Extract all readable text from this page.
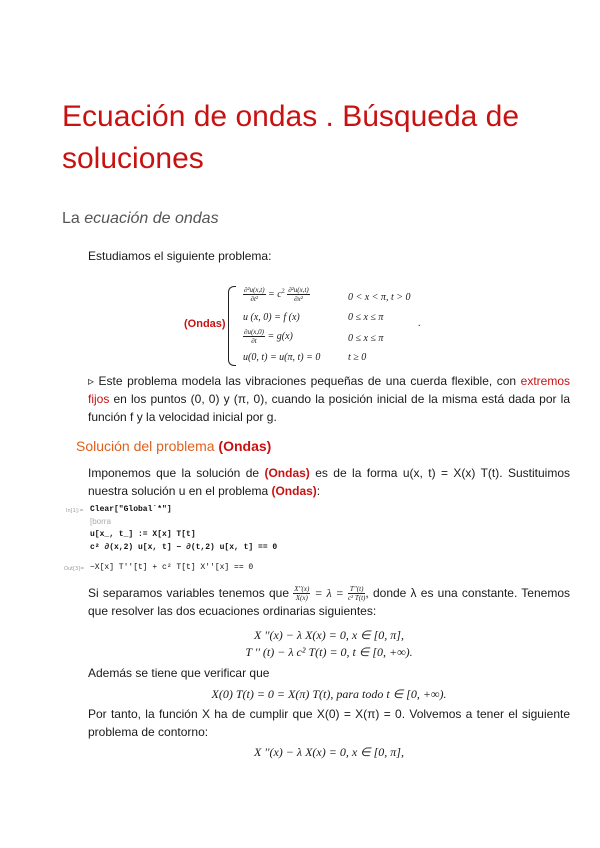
Ecuación de ondas . Búsqueda de soluciones
La ecuación de ondas
Estudiamos el siguiente problema:
(Ondas)
$\frac{\text{∂²u(x,t)}}{\text{∂t²}} = c^2 \frac{\text{∂²u(x,t)}}{\text{∂x²}}$	0 < x < π, t > 0
u (x, 0) = f (x)	0 ≤ x ≤ π
$\frac{\partial u(x,0)}{\partial t} = g(x)$	0 ≤ x ≤ π
u(0, t) = u(π, t) = 0	t ≥ 0
.
▹ Este problema modela las vibraciones pequeñas de una cuerda flexible, con extremos fijos en los puntos (0, 0) y (π, 0), cuando la posición inicial de la misma está dada por la función f y la velocidad inicial por g.
Solución del problema (Ondas)
Imponemos que la solución de (Ondas) es de la forma u(x, t) = X(x) T(t). Sustituimos nuestra solución u en el problema (Ondas):
In[1]:= Clear["Global`*"]
[borra
u[x_, t_] := X[x] T[t]
c² ∂(x,2) u[x, t] − ∂(t,2) u[x, t] == 0
Out[3]= −X[x] T''[t] + c² T[t] X''[x] == 0
Si separamos variables tenemos que $\frac{X''(x)}{X(x)} = \lambda = \frac{T''(t)}{\text{c² T(t)}}$ , donde λ es una constante. Tenemos que resolver las dos ecuaciones ordinarias siguientes:
X ''(x) − λ X(x) = 0, x ∈ [0, π],
T '' (t) − λ c² T(t) = 0, t ∈ [0, +∞).
Además se tiene que verificar que
X(0) T(t) = 0 = X(π) T(t), para todo t ∈ [0, +∞).
Por tanto, la función X ha de cumplir que X(0) = X(π) = 0. Volvemos a tener el siguiente problema de contorno:
X ''(x) − λ X(x) = 0, x ∈ [0, π],
